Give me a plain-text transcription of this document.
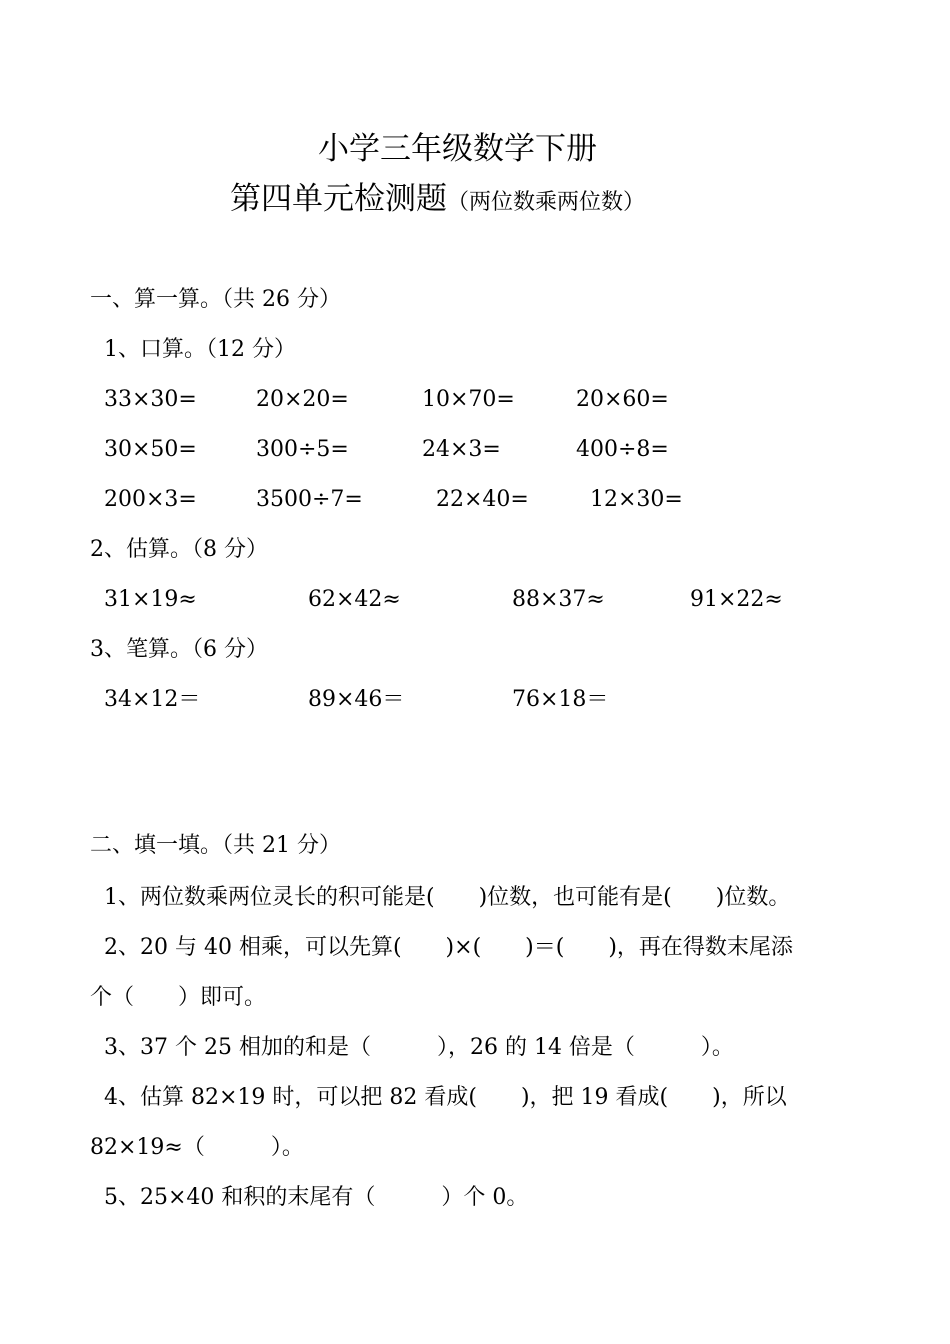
小学三年级数学下册
第四单元检测题（两位数乘两位数）
一、算一算。（共 26 分）
1、口算。（12 分）
33×30=	20×20=	10×70=	20×60=
30×50=	300÷5=	24×3=	400÷8=
200×3=	3500÷7=	22×40=	12×30=
2、估算。（8 分）
31×19≈	62×42≈	88×37≈	91×22≈
3、笔算。（6 分）
34×12＝	89×46＝	76×18＝
二、填一填。（共 21 分）
1、两位数乘两位灵长的积可能是(　　)位数，也可能有是(　　)位数。
2、20 与 40 相乘，可以先算(　　)×(　　)＝(　　)，再在得数末尾添
个（　　）即可。
3、37 个 25 相加的和是（　　　），26 的 14 倍是（　　　）。
4、估算 82×19 时，可以把 82 看成(　　)，把 19 看成(　　)，所以
82×19≈（　　　）。
5、25×40 和积的末尾有（　　　）个 0。
